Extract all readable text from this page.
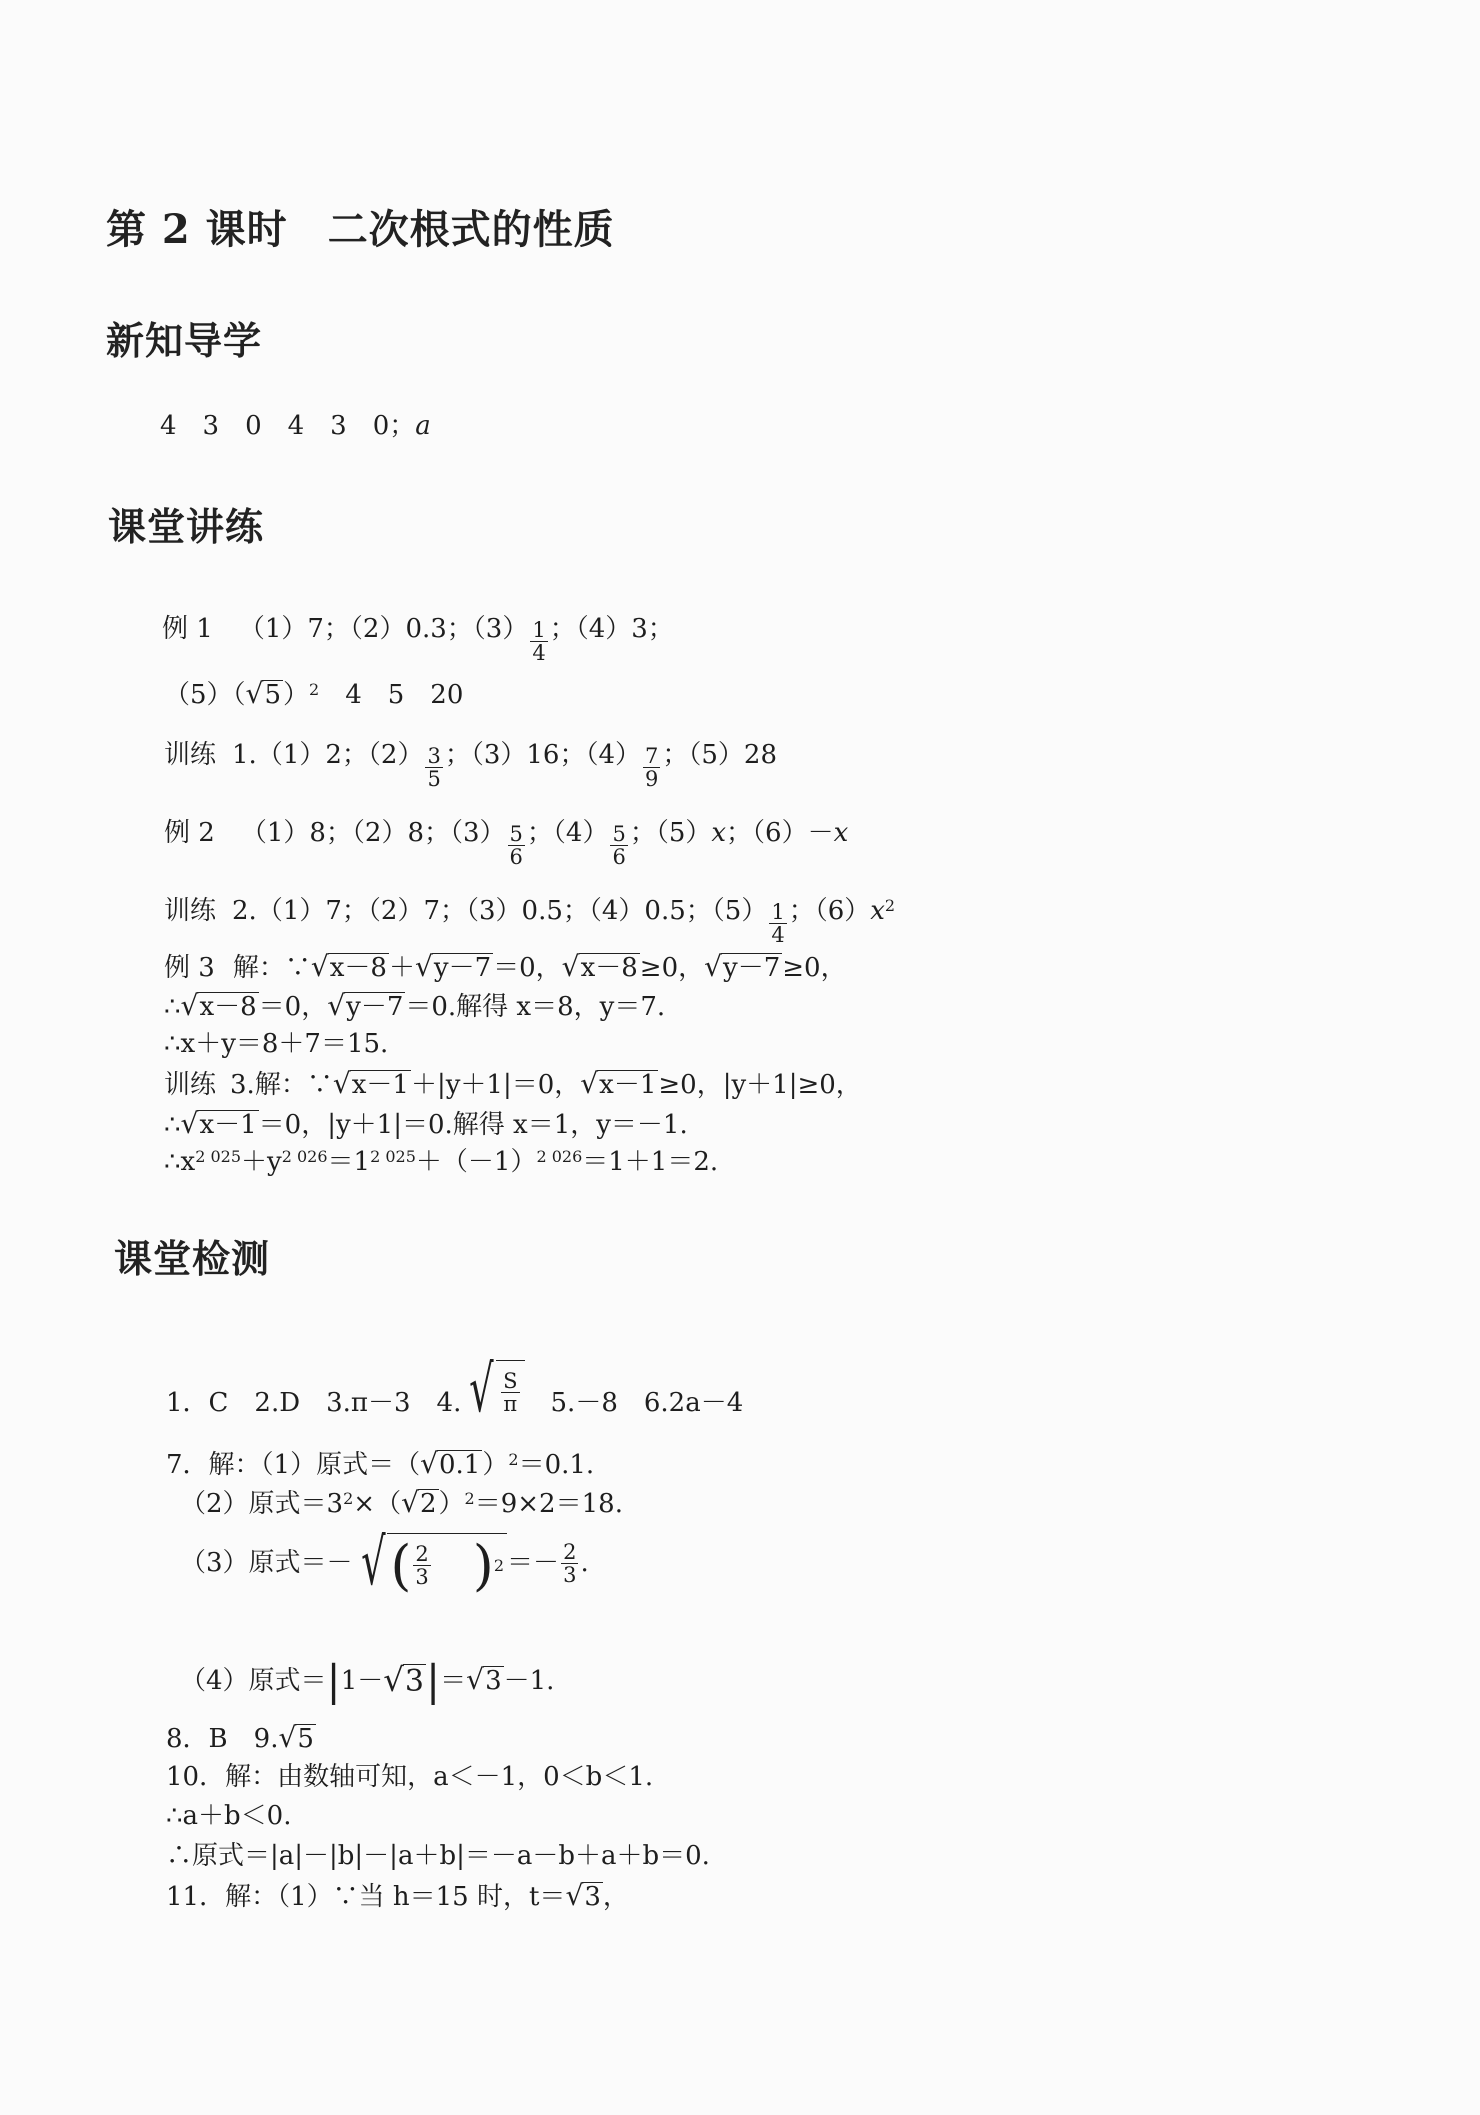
第 2 课时 二次根式的性质
新知导学
4　3　0　4　3　0；a
课堂讲练
例 1 （1）7；（2）0.3；$(3) \frac{1}{4}$ ；（4）3；
（5）（ √ 5 ）$^2$　4　5　20
训练 1.（1）2；$(2) \frac{3}{5}$ ；（3）16；$(4) \frac{7}{9}$ ；（5）28
例 2 （1）8；（2）8；$(3) \frac{5}{6}$ ；$(4) \frac{5}{6}$ ；（5）x；（6）－x
训练 2.（1）7；（2）7；（3）0.5；（4）0.5；$(5) \frac{1}{4}$ ；$(6)x^2$
例 3 解：∵ √ x－8 ＋ √ y－7 ＝0， √ x－8 ≥0， √ y－7 ≥0，
∴ √ x－8 ＝0， √ y－7 ＝0.解得 x＝8，y＝7.
∴x＋y＝8＋7＝15.
训练 3.解：∵ √ x－1 ＋|y＋1|＝0， √ x－1 ≥0，|y＋1|≥0，
∴ √ x－1 ＝0，|y＋1|＝0.解得 x＝1，y＝－1.
$\therefore x^{2 025}+y^{2 026}=1^{2 025}+(-1)^{2 026}=1+1=2$.
课堂检测
1．C　2.D　3.π－3　4. √ $\frac{S}{\pi}$ 　5.－8　6.2a－4
7．解：（1）原式＝（ √ 0.1 ）$^2$＝0.1.
（2）原式$=3^2\times$（ √ 2 ）$^2$＝9×2＝18.
（3）原式＝－ √ ( $\frac{2}{3}$ ) $2 =- \frac{2}{3}$ .
（4）原式＝ | 1－ √ 3 | ＝ √ 3 －1.
8．B　9. √ 5
10．解：由数轴可知，a＜－1，0＜b＜1.
∴a＋b＜0.
∴原式＝|a|－|b|－|a＋b|＝－a－b＋a＋b＝0.
11．解：（1）∵当 h＝15 时，t＝ √ 3 ，
